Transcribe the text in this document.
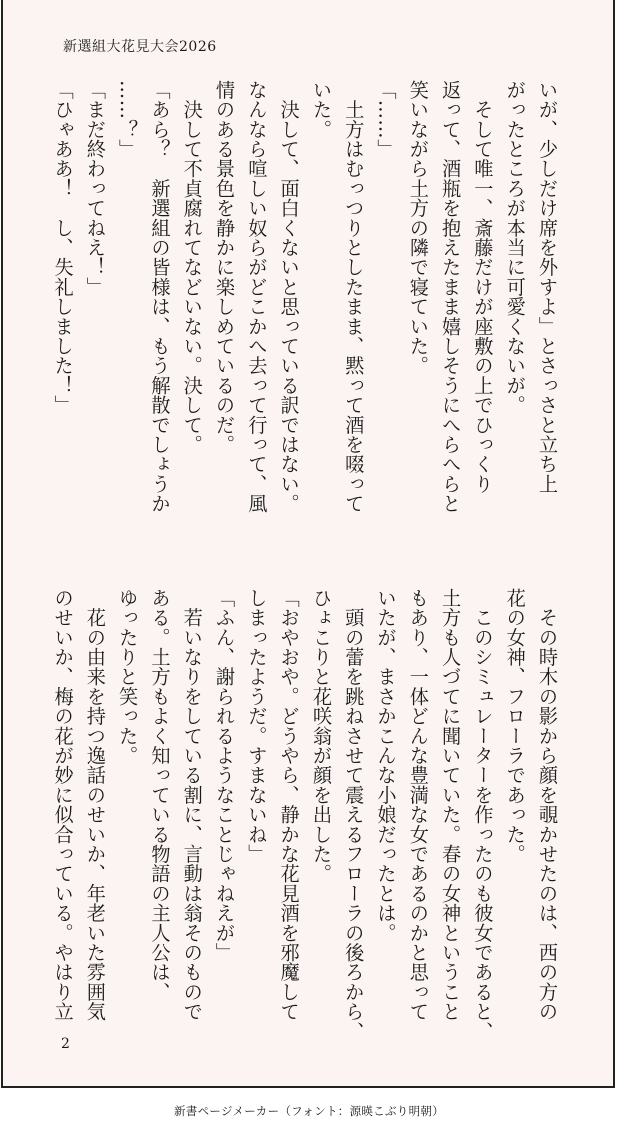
新選組大花見大会2026
いが、少しだけ席を外すよ」とさっさと立ち上
がったところが本当に可愛くないが。
　そして唯一、斎藤だけが座敷の上でひっくり
返って、酒瓶を抱えたまま嬉しそうにへらへらと
笑いながら土方の隣で寝ていた。
「……」
　土方はむっつりとしたまま、黙って酒を啜って
いた。
　決して、面白くないと思っている訳ではない。
なんなら喧しい奴らがどこかへ去って行って、風
情のある景色を静かに楽しめているのだ。
　決して不貞腐れてなどいない。決して。
「あら？　新選組の皆様は、もう解散でしょうか
……？」
「まだ終わってねえ！」
「ひゃああ！　し、失礼しました！」
　その時木の影から顔を覗かせたのは、西の方の
花の女神、フローラであった。
　このシミュレーターを作ったのも彼女であると、
土方も人づてに聞いていた。春の女神ということ
もあり、一体どんな豊満な女であるのかと思って
いたが、まさかこんな小娘だったとは。
　頭の蕾を跳ねさせて震えるフローラの後ろから、
ひょこりと花咲翁が顔を出した。
「おやおや。どうやら、静かな花見酒を邪魔して
しまったようだ。すまないね」
「ふん、謝られるようなことじゃねえが」
　若いなりをしている割に、言動は翁そのもので
ある。土方もよく知っている物語の主人公は、
ゆったりと笑った。
　花の由来を持つ逸話のせいか、年老いた雰囲気
のせいか、梅の花が妙に似合っている。やはり立
2
新書ページメーカー（フォント：源暎こぶり明朝）
